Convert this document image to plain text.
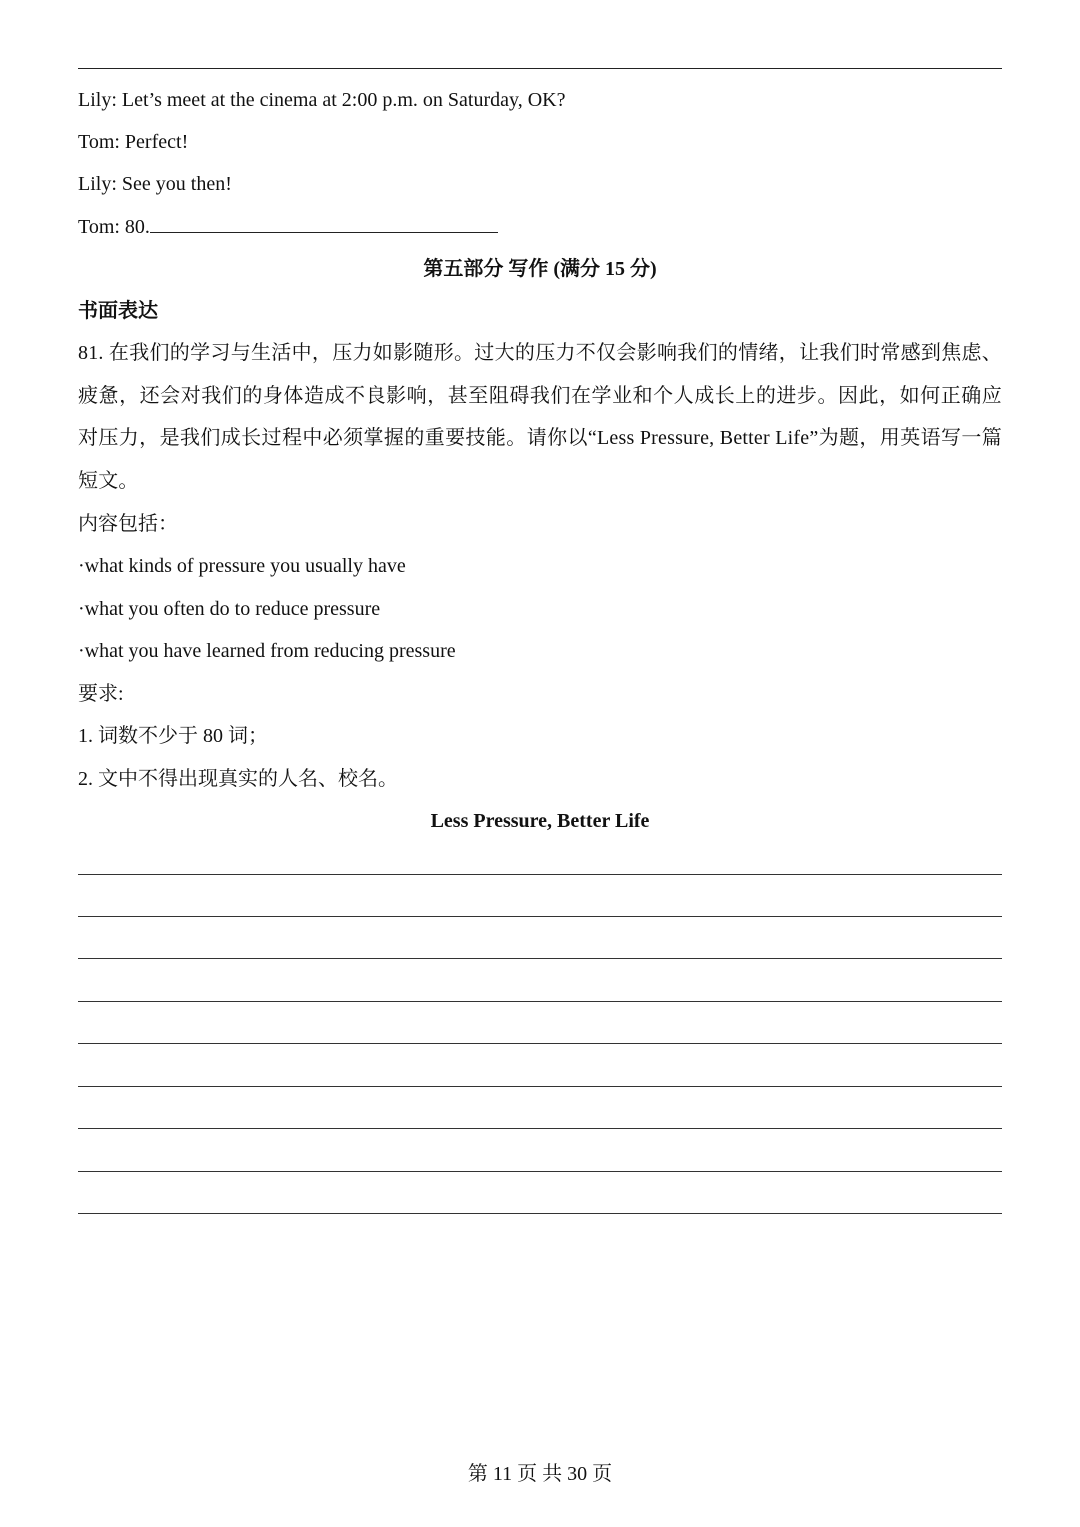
Lily: Let’s meet at the cinema at 2:00 p.m. on Saturday, OK?
Tom: Perfect!
Lily: See you then!
Tom: 80.
第五部分 写作 (满分 15 分)
书面表达
81. 在我们的学习与生活中，压力如影随形。过大的压力不仅会影响我们的情绪，让我们时常感到焦虑、疲惫，还会对我们的身体造成不良影响，甚至阻碍我们在学业和个人成长上的进步。因此，如何正确应对压力，是我们成长过程中必须掌握的重要技能。请你以“Less Pressure, Better Life”为题，用英语写一篇短文。
内容包括：
·what kinds of pressure you usually have
·what you often do to reduce pressure
·what you have learned from reducing pressure
要求:
1. 词数不少于 80 词；
2. 文中不得出现真实的人名、校名。
Less Pressure, Better Life
第 11 页 共 30 页
